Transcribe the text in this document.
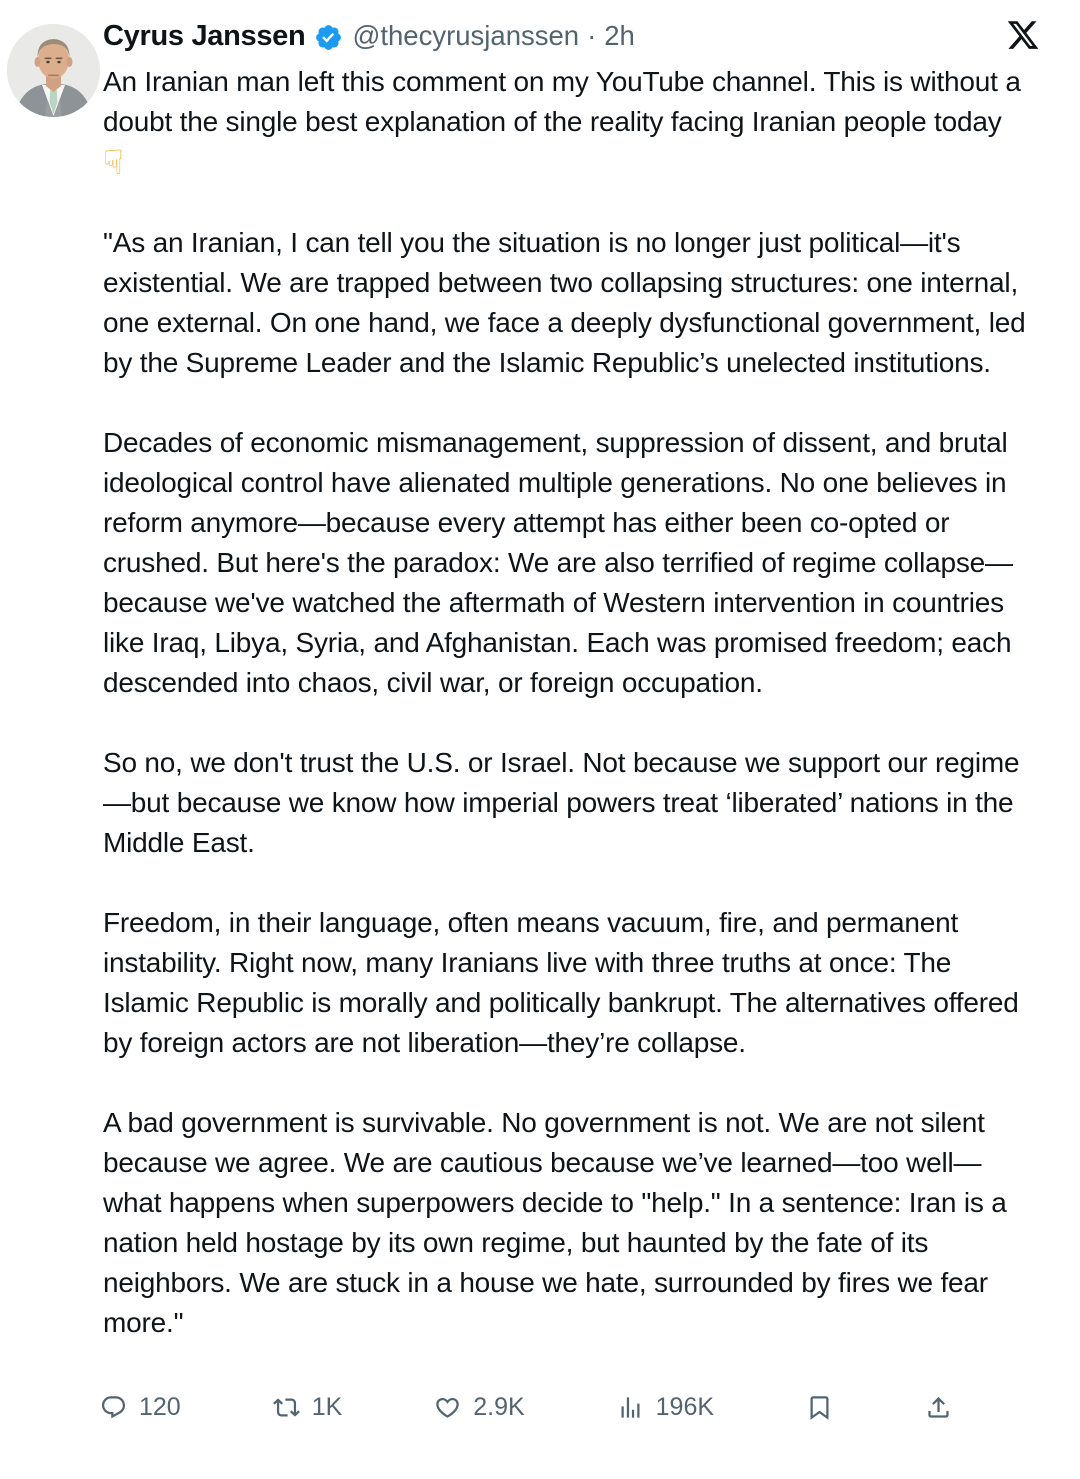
Cyrus Janssen @thecyrusjanssen · 2h

An Iranian man left this comment on my YouTube channel. This is without a doubt the single best explanation of the reality facing Iranian people today ☟

"As an Iranian, I can tell you the situation is no longer just political—it's existential. We are trapped between two collapsing structures: one internal, one external. On one hand, we face a deeply dysfunctional government, led by the Supreme Leader and the Islamic Republic’s unelected institutions.

Decades of economic mismanagement, suppression of dissent, and brutal ideological control have alienated multiple generations. No one believes in reform anymore—because every attempt has either been co-opted or crushed. But here's the paradox: We are also terrified of regime collapse—because we've watched the aftermath of Western intervention in countries like Iraq, Libya, Syria, and Afghanistan. Each was promised freedom; each descended into chaos, civil war, or foreign occupation.

So no, we don't trust the U.S. or Israel. Not because we support our regime—but because we know how imperial powers treat ‘liberated’ nations in the Middle East.

Freedom, in their language, often means vacuum, fire, and permanent instability. Right now, many Iranians live with three truths at once: The Islamic Republic is morally and politically bankrupt. The alternatives offered by foreign actors are not liberation—they’re collapse.

A bad government is survivable. No government is not. We are not silent because we agree. We are cautious because we’ve learned—too well—what happens when superpowers decide to "help." In a sentence: Iran is a nation held hostage by its own regime, but haunted by the fate of its neighbors. We are stuck in a house we hate, surrounded by fires we fear more."

120	1K	2.9K	196K
